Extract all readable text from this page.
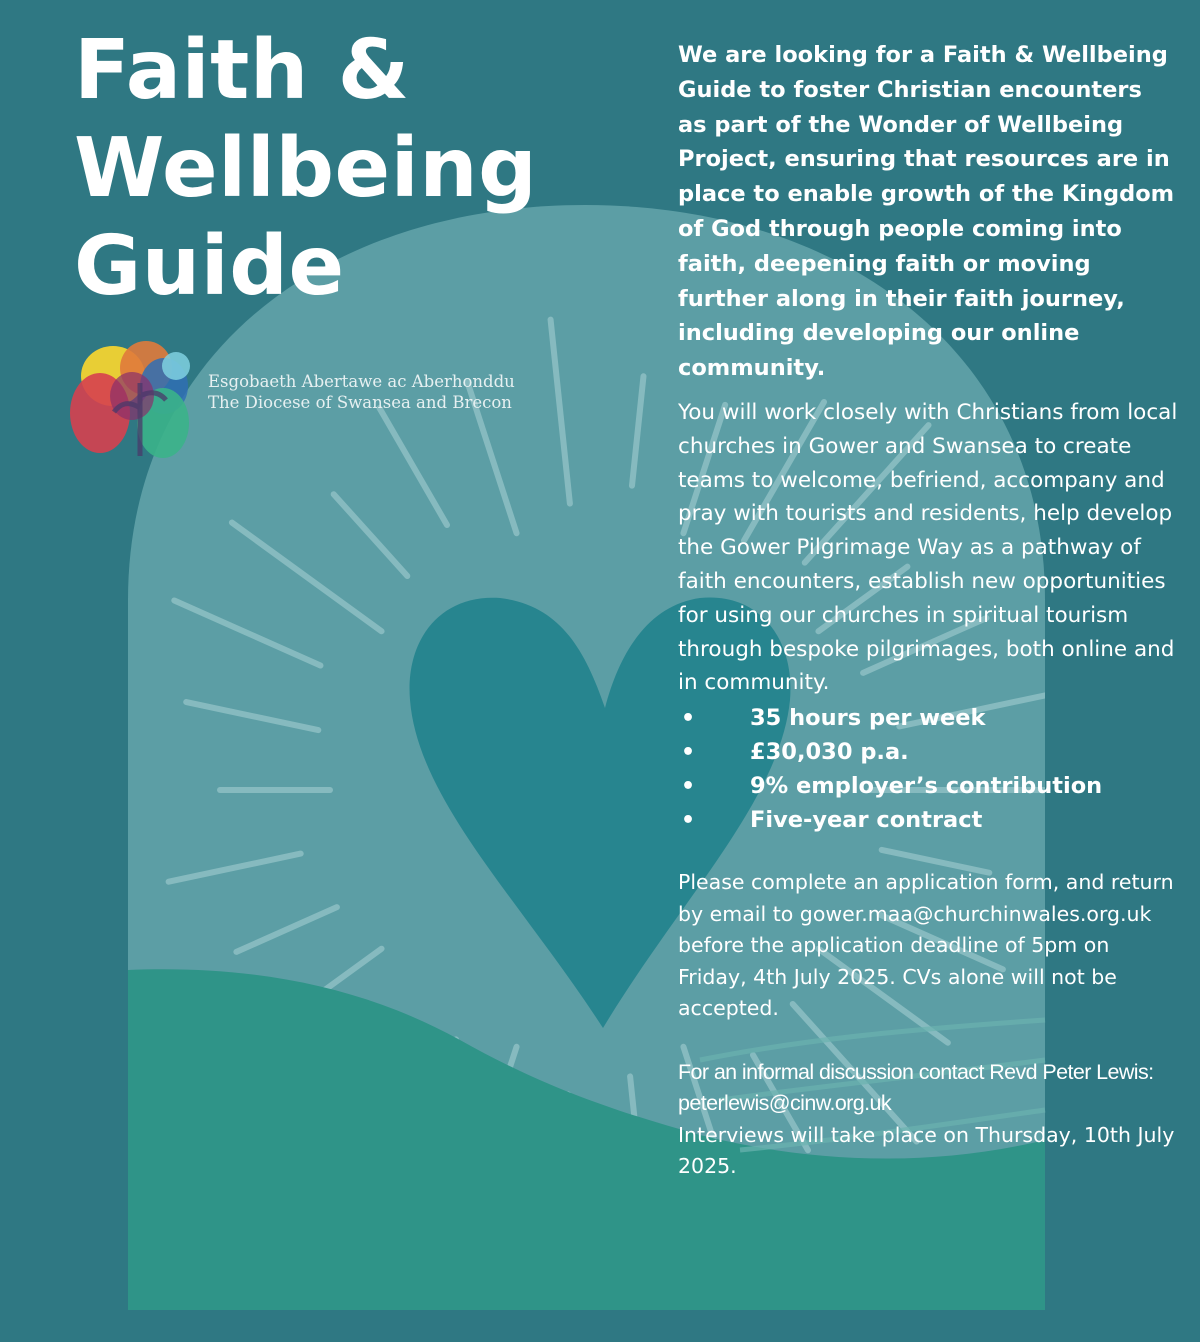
Faith &
Wellbeing
Guide
Esgobaeth Abertawe ac Aberhonddu
The Diocese of Swansea and Brecon

We are looking for a Faith & Wellbeing Guide to foster Christian encounters as part of the Wonder of Wellbeing Project, ensuring that resources are in place to enable growth of the Kingdom of God through people coming into faith, deepening faith or moving further along in their faith journey, including developing our online community.

You will work closely with Christians from local churches in Gower and Swansea to create teams to welcome, befriend, accompany and pray with tourists and residents, help develop the Gower Pilgrimage Way as a pathway of faith encounters, establish new opportunities for using our churches in spiritual tourism through bespoke pilgrimages, both online and in community.

• 35 hours per week
• £30,030 p.a.
• 9% employer’s contribution
• Five-year contract

Please complete an application form, and return by email to gower.maa@churchinwales.org.uk before the application deadline of 5pm on Friday, 4th July 2025. CVs alone will not be accepted.

For an informal discussion contact Revd Peter Lewis: peterlewis@cinw.org.uk

Interviews will take place on Thursday, 10th July 2025.
